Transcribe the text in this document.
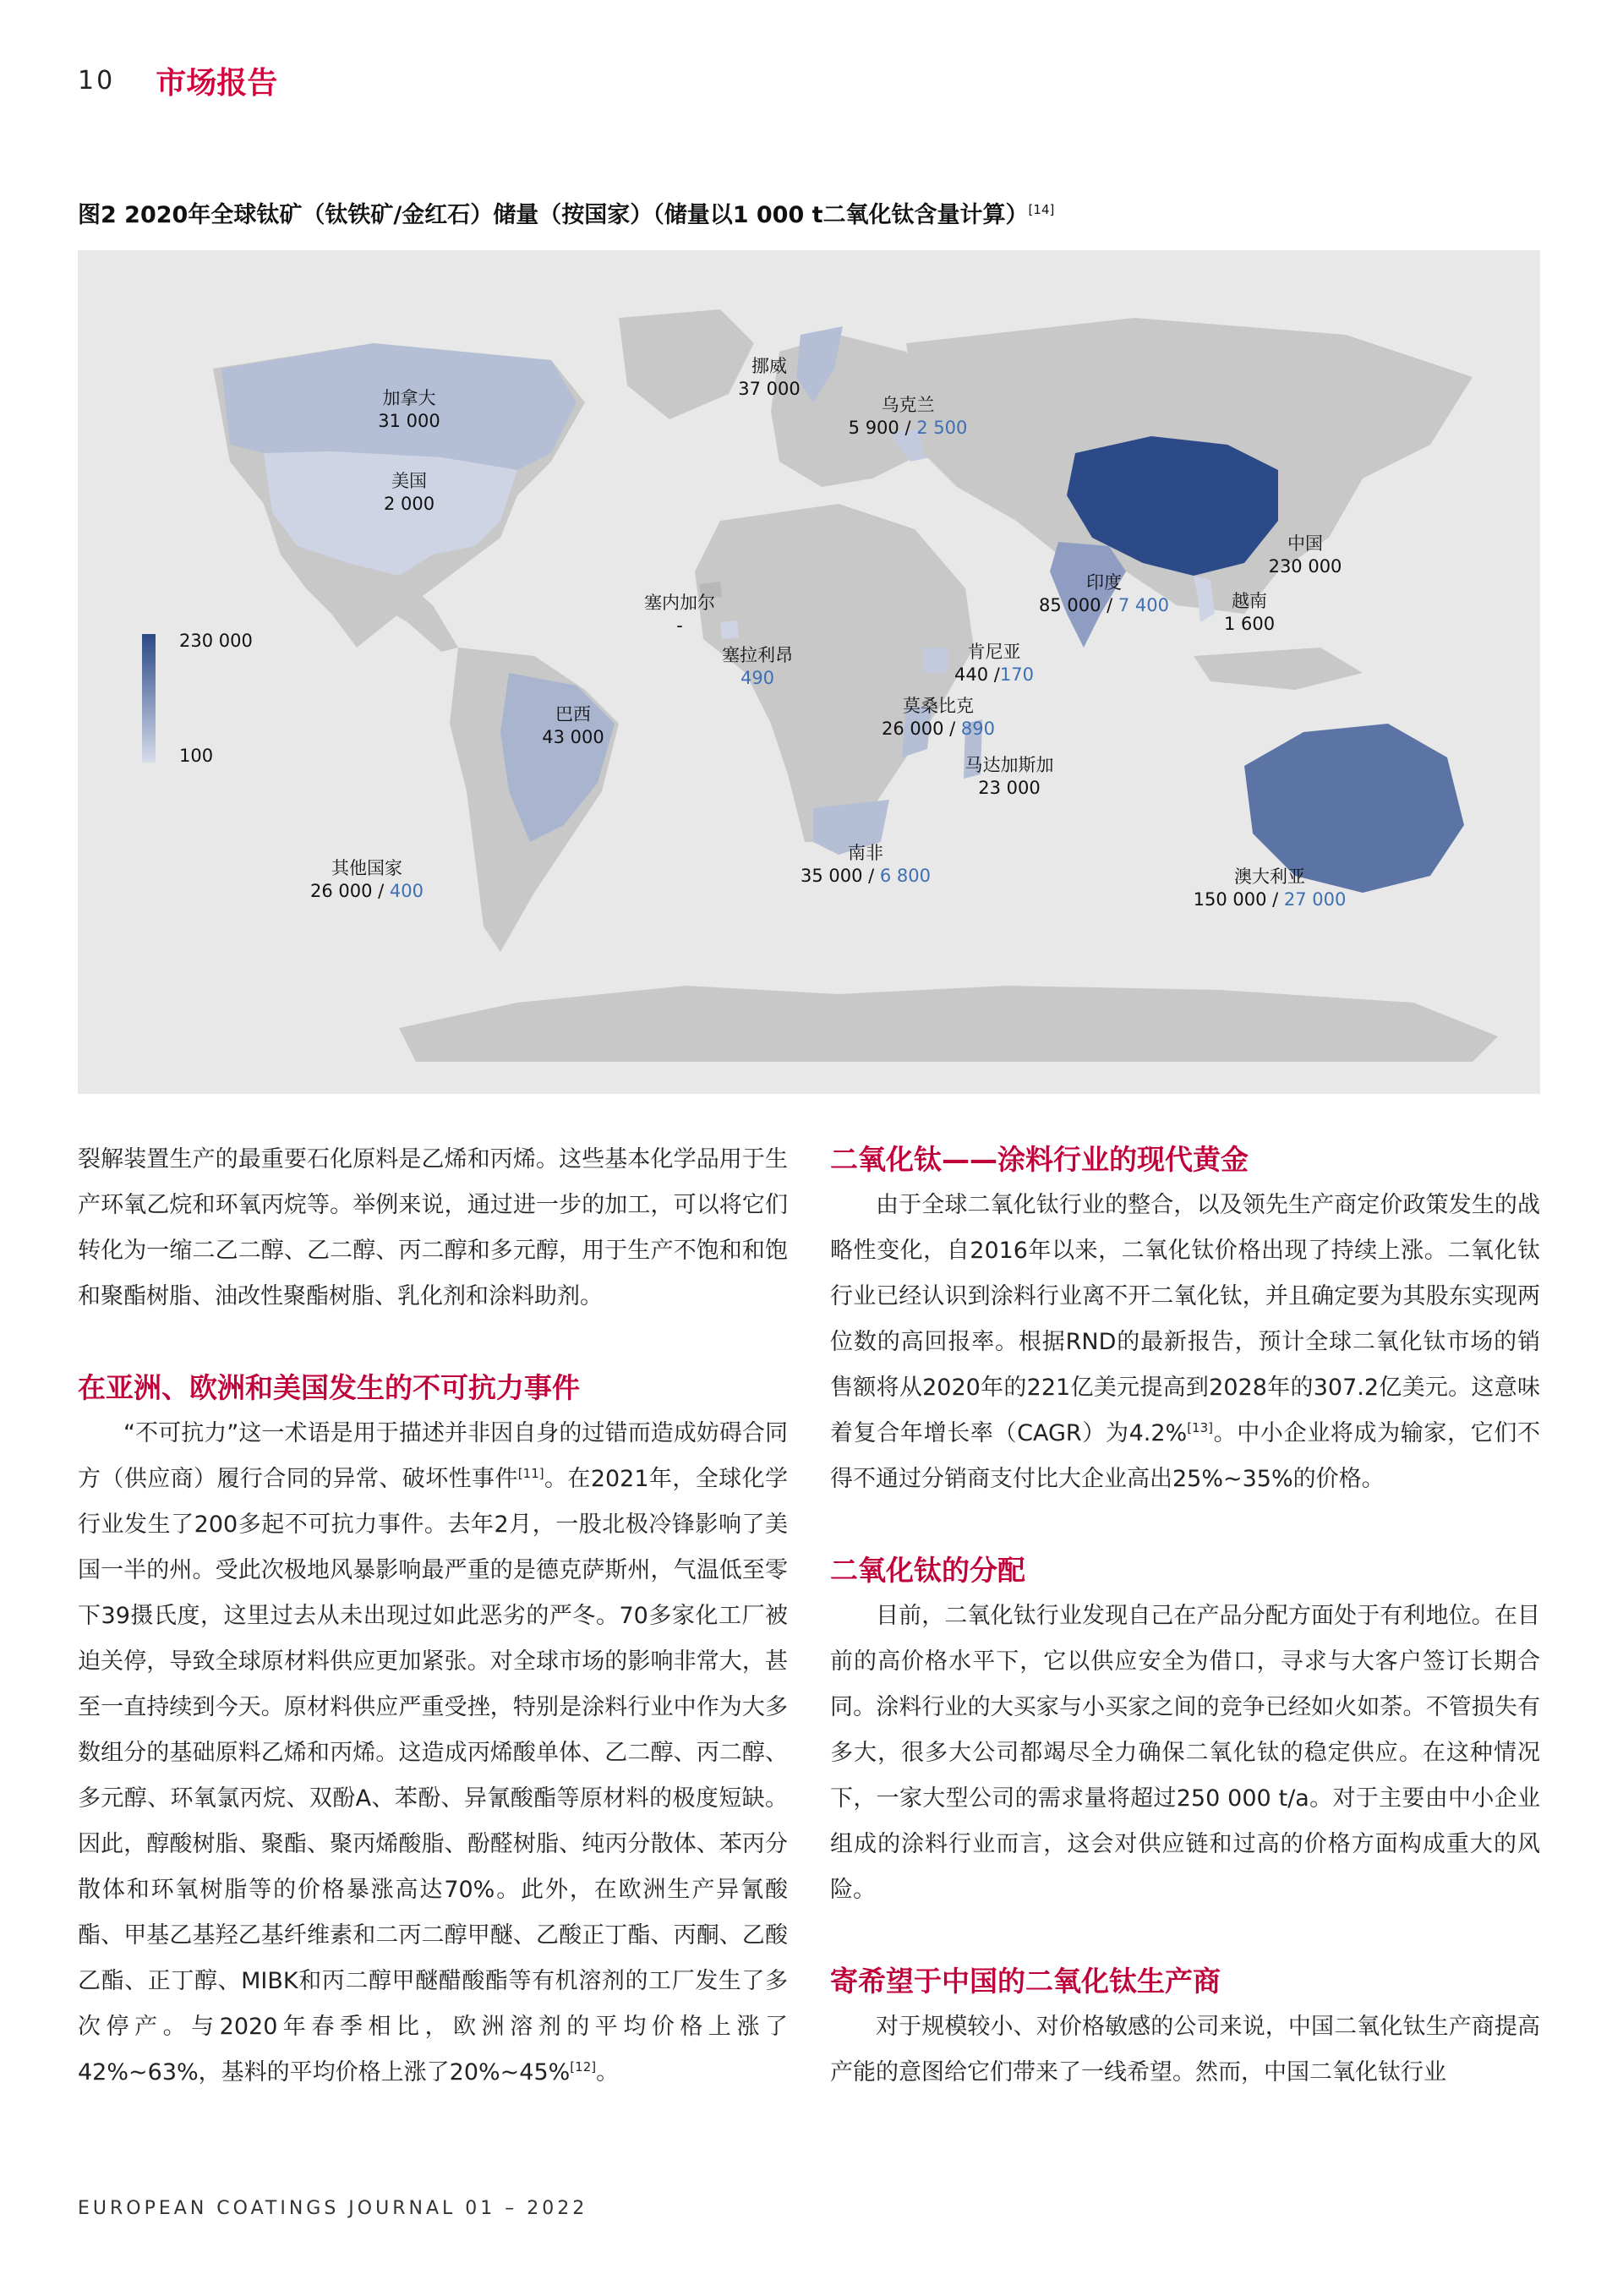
10 市场报告
图2 2020年全球钛矿（钛铁矿/金红石）储量（按国家）（储量以1 000 t二氧化钛含量计算）[14]
230 000
100
加拿大
31 000
美国
2 000
挪威
37 000
乌克兰
5 900 / 2 500
中国
230 000
印度
85 000 / 7 400	越南
1 600
塞内加尔
-
塞拉利昂
490
肯尼亚
440 /170
莫桑比克
26 000 / 890
马达加斯加
23 000
巴西
43 000
南非
35 000 / 6 800	澳大利亚
150 000 / 27 000
其他国家
26 000 / 400

裂解装置生产的最重要石化原料是乙烯和丙烯。这些基本化学品用于生产环氧乙烷和环氧丙烷等。举例来说，通过进一步的加工，可以将它们转化为一缩二乙二醇、乙二醇、丙二醇和多元醇，用于生产不饱和和饱和聚酯树脂、油改性聚酯树脂、乳化剂和涂料助剂。

在亚洲、欧洲和美国发生的不可抗力事件

“不可抗力”这一术语是用于描述并非因自身的过错而造成妨碍合同方（供应商）履行合同的异常、破坏性事件[11]。在2021年，全球化学行业发生了200多起不可抗力事件。去年2月，一股北极冷锋影响了美国一半的州。受此次极地风暴影响最严重的是德克萨斯州，气温低至零下39摄氏度，这里过去从未出现过如此恶劣的严冬。70多家化工厂被迫关停，导致全球原材料供应更加紧张。对全球市场的影响非常大，甚至一直持续到今天。原材料供应严重受挫，特别是涂料行业中作为大多数组分的基础原料乙烯和丙烯。这造成丙烯酸单体、乙二醇、丙二醇、多元醇、环氧氯丙烷、双酚A、苯酚、异氰酸酯等原材料的极度短缺。因此，醇酸树脂、聚酯、聚丙烯酸脂、酚醛树脂、纯丙分散体、苯丙分散体和环氧树脂等的价格暴涨高达70%。此外，在欧洲生产异氰酸酯、甲基乙基羟乙基纤维素和二丙二醇甲醚、乙酸正丁酯、丙酮、乙酸乙酯、正丁醇、MIBK和丙二醇甲醚醋酸酯等有机溶剂的工厂发生了多次停产。与2020年春季相比，欧洲溶剂的平均价格上涨了42%~63%，基料的平均价格上涨了20%~45%[12]。

二氧化钛——涂料行业的现代黄金

由于全球二氧化钛行业的整合，以及领先生产商定价政策发生的战略性变化，自2016年以来，二氧化钛价格出现了持续上涨。二氧化钛行业已经认识到涂料行业离不开二氧化钛，并且确定要为其股东实现两位数的高回报率。根据RND的最新报告，预计全球二氧化钛市场的销售额将从2020年的221亿美元提高到2028年的307.2亿美元。这意味着复合年增长率（CAGR）为4.2%[13]。中小企业将成为输家，它们不得不通过分销商支付比大企业高出25%~35%的价格。

二氧化钛的分配

目前，二氧化钛行业发现自己在产品分配方面处于有利地位。在目前的高价格水平下，它以供应安全为借口，寻求与大客户签订长期合同。涂料行业的大买家与小买家之间的竞争已经如火如荼。不管损失有多大，很多大公司都竭尽全力确保二氧化钛的稳定供应。在这种情况下，一家大型公司的需求量将超过250 000 t/a。对于主要由中小企业组成的涂料行业而言，这会对供应链和过高的价格方面构成重大的风险。

寄希望于中国的二氧化钛生产商

对于规模较小、对价格敏感的公司来说，中国二氧化钛生产商提高产能的意图给它们带来了一线希望。然而，中国二氧化钛行业

EUROPEAN COATINGS JOURNAL 01 – 2022
